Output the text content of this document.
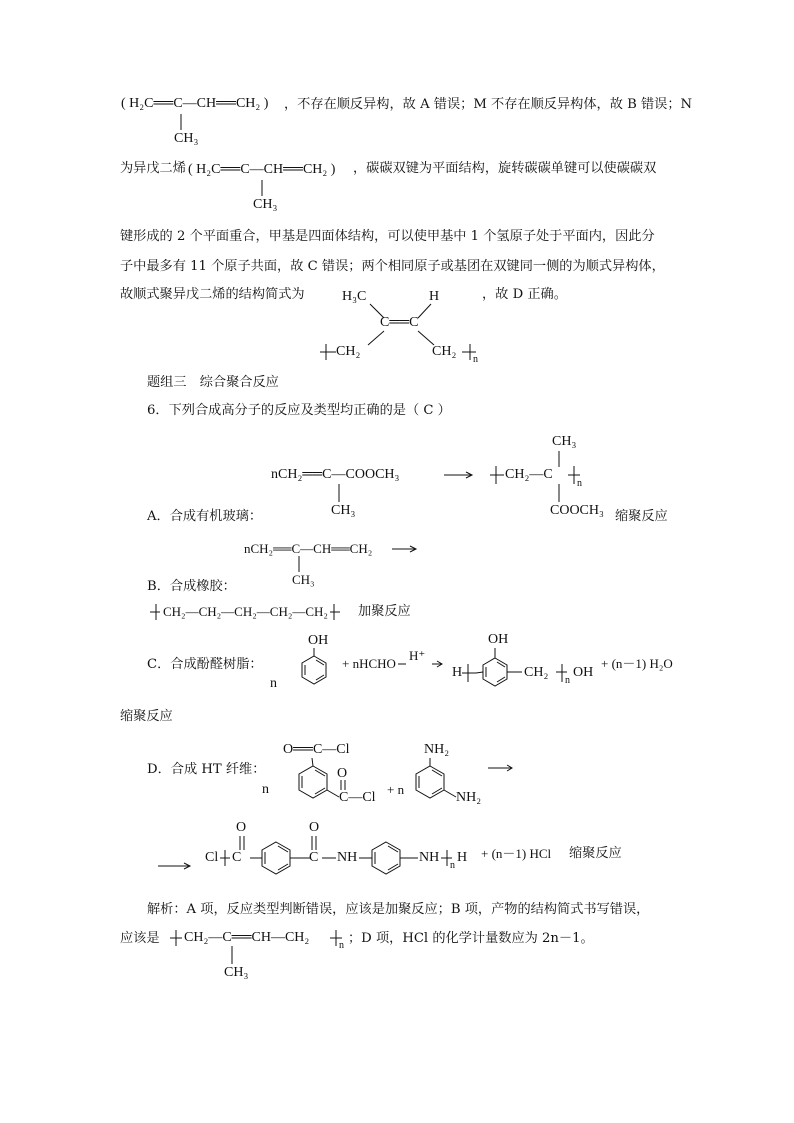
( H₂C══C—CH══CH₂ )
CH₃
，不存在顺反异构，故 A 错误；M 不存在顺反异构体，故 B 错误；N
为异戊二烯 ( H₂C══C—CH══CH₂ )
CH₃
，碳碳双键为平面结构，旋转碳碳单键可以使碳碳双
键形成的 2 个平面重合，甲基是四面体结构，可以使甲基中 1 个氢原子处于平面内，因此分
子中最多有 11 个原子共面，故 C 错误；两个相同原子或基团在双键同一侧的为顺式异构体，
故顺式聚异戊二烯的结构简式为	，故 D 正确。
H₃C	H
C══C
CH₂	CH₂
n
题组三　综合聚合反应
6．下列合成高分子的反应及类型均正确的是（ C ）
nCH₂══C—COOCH₃
CH₃
CH₂—C
CH₃
COOCH₃
n
A．合成有机玻璃：	缩聚反应
nCH₂══C—CH══CH₂
CH₃
B．合成橡胶：
CH₂—CH₂—CH₂—CH₂—CH₂ 加聚反应
C．合成酚醛树脂：
n
OH
+ nHCHO
H⁺
H
OH
n
CH₂ OH
+ (n－1) H₂O
缩聚反应
D．合成 HT 纤维：
n
O══C—Cl
O
C—Cl
+ n
NH₂
NH₂
n
Cl
O
C
O
C NH	NH H + (n－1) HCl 缩聚反应
解析：A 项，反应类型判断错误，应该是加聚反应；B 项，产物的结构简式书写错误，
应该是	n
CH₂—C══CH—CH₂
CH₃
；D 项，HCl 的化学计量数应为 2n－1。
